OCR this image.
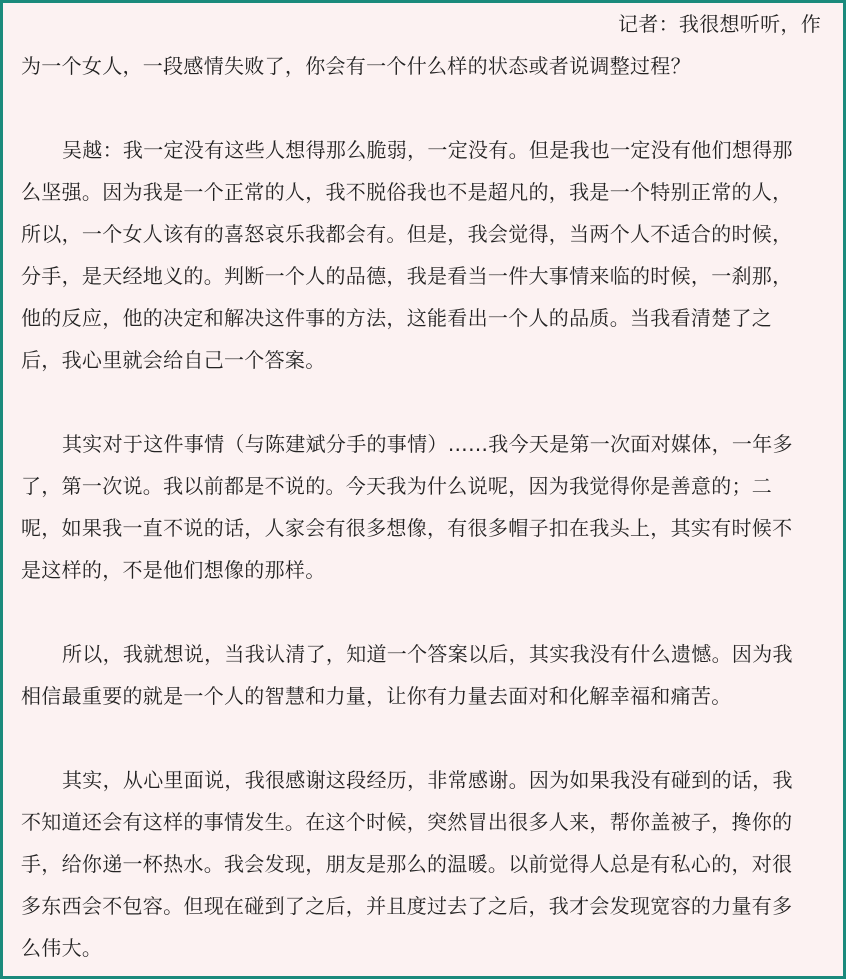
记者：我很想听听，作
为一个女人，一段感情失败了，你会有一个什么样的状态或者说调整过程？
吴越：我一定没有这些人想得那么脆弱，一定没有。但是我也一定没有他们想得那
么坚强。因为我是一个正常的人，我不脱俗我也不是超凡的，我是一个特别正常的人，
所以，一个女人该有的喜怒哀乐我都会有。但是，我会觉得，当两个人不适合的时候，
分手，是天经地义的。判断一个人的品德，我是看当一件大事情来临的时候，一刹那，
他的反应，他的决定和解决这件事的方法，这能看出一个人的品质。当我看清楚了之
后，我心里就会给自己一个答案。
其实对于这件事情（与陈建斌分手的事情）……我今天是第一次面对媒体，一年多
了，第一次说。我以前都是不说的。今天我为什么说呢，因为我觉得你是善意的；二
呢，如果我一直不说的话，人家会有很多想像，有很多帽子扣在我头上，其实有时候不
是这样的，不是他们想像的那样。
所以，我就想说，当我认清了，知道一个答案以后，其实我没有什么遗憾。因为我
相信最重要的就是一个人的智慧和力量，让你有力量去面对和化解幸福和痛苦。
其实，从心里面说，我很感谢这段经历，非常感谢。因为如果我没有碰到的话，我
不知道还会有这样的事情发生。在这个时候，突然冒出很多人来，帮你盖被子，搀你的
手，给你递一杯热水。我会发现，朋友是那么的温暖。以前觉得人总是有私心的，对很
多东西会不包容。但现在碰到了之后，并且度过去了之后，我才会发现宽容的力量有多
么伟大。
